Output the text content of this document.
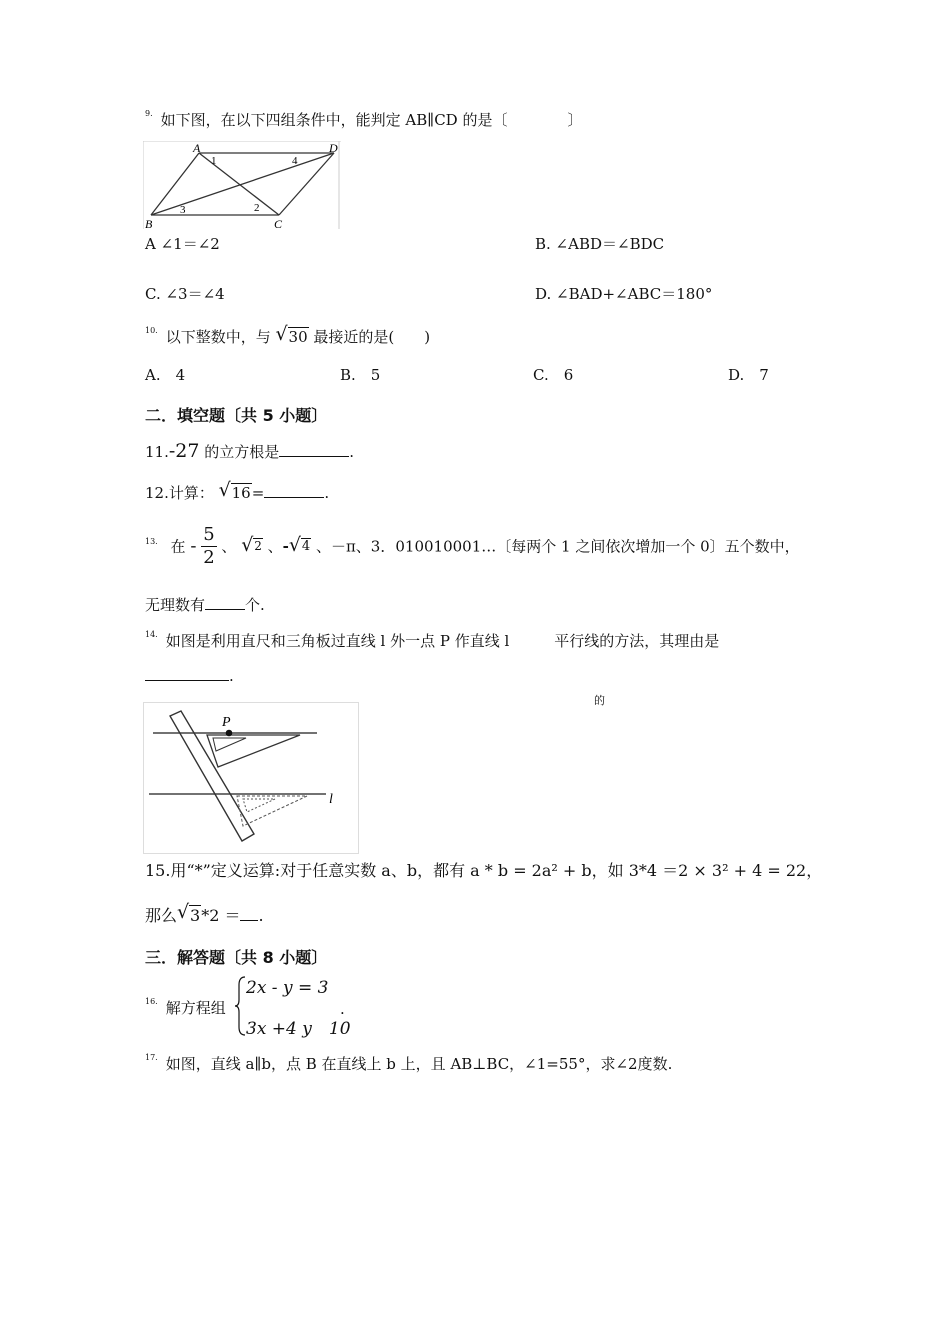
$^{9.}$ 如下图，在以下四组条件中，能判定 AB∥CD 的是〔　　　　〕
A
B	C
D
1
2
3
4
A ∠1＝∠2	B. ∠ABD＝∠BDC
C. ∠3＝∠4	D. ∠BAD+∠ABC＝180°
$^{10.}$ 以下整数中，与 √ 30 最接近的是(　　)
A.　4	B.　5	C.　6	D.　7
二．填空题〔共 5 小题〕
11.-27 的立方根是	.
12.计算： √ 16=	.
$^{13.}$ 在 - $\frac{5}{2}$ 、 √ 2 、- √ 4 、－π、3．010010001…〔每两个 1 之间依次增加一个 0〕五个数中，
无理数有	个.
$^{14.}$ 如图是利用直尺和三角板过直线 l 外一点 P 作直线 l　　　平行线的方法，其理由是
.
的
P
l
15.用“*”定义运算:对于任意实数 a、b，都有 a * b = 2a² + b，如 3*4 ＝2 × 3² + 4 = 22，
那么 √ 3*2 ＝ .
三．解答题〔共 8 小题〕
$^{16.}$ 解方程组
2x - y = 3
3x +4 y　10
.
$^{17.}$ 如图，直线 a∥b，点 B 在直线上 b 上，且 AB⊥BC，∠1=55°，求∠2度数.
